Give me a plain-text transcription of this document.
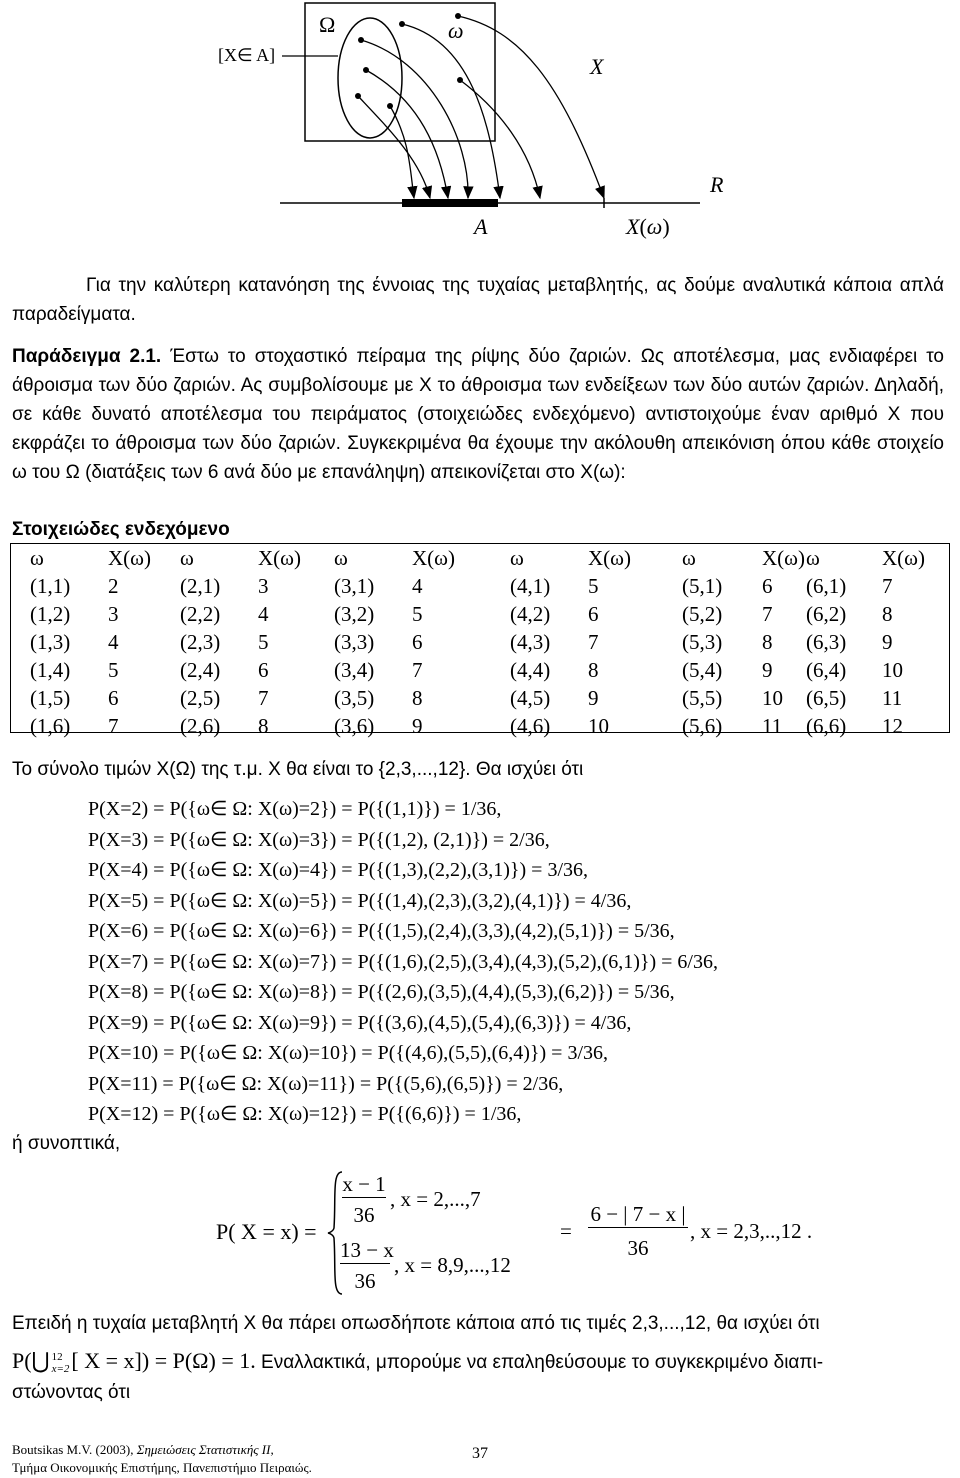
Ω	ω
[X∈ A]	X
R
A	X(ω)
Για την καλύτερη κατανόηση της έννοιας της τυχαίας μεταβλητής, ας δούμε αναλυτικά κάποια απλά παραδείγματα.
Παράδειγμα 2.1. Έστω το στοχαστικό πείραμα της ρίψης δύο ζαριών. Ως αποτέλεσμα, μας ενδιαφέρει το άθροισμα των δύο ζαριών. Ας συμβολίσουμε με X το άθροισμα των ενδείξεων των δύο αυτών ζαριών. Δηλαδή, σε κάθε δυνατό αποτέλεσμα του πειράματος (στοιχειώδες ενδεχόμενο) αντιστοιχούμε έναν αριθμό X που εκφράζει το άθροισμα των δύο ζαριών. Συγκεκριμένα θα έχουμε την ακόλουθη απεικόνιση όπου κάθε στοιχείο ω του Ω (διατάξεις των 6 ανά δύο με επανάληψη) απεικονίζεται στο X(ω):
Στοιχειώδες ενδεχόμενο
ω	X(ω) ω	X(ω) ω	X(ω)	ω	X(ω) ω	X(ω) ω	X(ω)
(1,1) 2	(2,1) 3	(3,1) 4	(4,1) 5	(5,1) 6 (6,1) 7
(1,2) 3	(2,2) 4	(3,2) 5	(4,2) 6	(5,2) 7 (6,2) 8
(1,3) 4	(2,3) 5	(3,3) 6	(4,3) 7	(5,3) 8 (6,3) 9
(1,4) 5	(2,4) 6	(3,4) 7	(4,4) 8	(5,4) 9 (6,4) 10
(1,5) 6	(2,5) 7	(3,5) 8	(4,5) 9	(5,5) 10 (6,5) 11
(1,6) 7	(2,6) 8	(3,6) 9	(4,6) 10	(5,6) 11 (6,6) 12
Το σύνολο τιμών X(Ω) της τ.μ. X θα είναι το {2,3,...,12}. Θα ισχύει ότι
P(X=2) = P({ω∈ Ω: X(ω)=2}) = P({(1,1)}) = 1/36,
P(X=3) = P({ω∈ Ω: X(ω)=3}) = P({(1,2), (2,1)}) = 2/36,
P(X=4) = P({ω∈ Ω: X(ω)=4}) = P({(1,3),(2,2),(3,1)}) = 3/36,
P(X=5) = P({ω∈ Ω: X(ω)=5}) = P({(1,4),(2,3),(3,2),(4,1)}) = 4/36,
P(X=6) = P({ω∈ Ω: X(ω)=6}) = P({(1,5),(2,4),(3,3),(4,2),(5,1)}) = 5/36,
P(X=7) = P({ω∈ Ω: X(ω)=7}) = P({(1,6),(2,5),(3,4),(4,3),(5,2),(6,1)}) = 6/36,
P(X=8) = P({ω∈ Ω: X(ω)=8}) = P({(2,6),(3,5),(4,4),(5,3),(6,2)}) = 5/36,
P(X=9) = P({ω∈ Ω: X(ω)=9}) = P({(3,6),(4,5),(5,4),(6,3)}) = 4/36,
P(X=10) = P({ω∈ Ω: X(ω)=10}) = P({(4,6),(5,5),(6,4)}) = 3/36,
P(X=11) = P({ω∈ Ω: X(ω)=11}) = P({(5,6),(6,5)}) = 2/36,
P(X=12) = P({ω∈ Ω: X(ω)=12}) = P({(6,6)}) = 1/36,
ή συνοπτικά,
P( X = x) =
x − 1
36
, x = 2,...,7
13 − x
36
, x = 8,9,...,12
=
6 − | 7 − x |
36
, x = 2,3,..,12 .
Επειδή η τυχαία μεταβλητή X θα πάρει οπωσδήποτε κάποια από τις τιμές 2,3,...,12, θα ισχύει ότι
P(⋃ 12
x=2 [ X = x]) = P(Ω) = 1. Εναλλακτικά, μπορούμε να επαληθεύσουμε το συγκεκριμένο διαπι-
στώνοντας ότι
Boutsikas M.V. (2003), Σημειώσεις Στατιστικής ΙΙ,
Τμήμα Οικονομικής Επιστήμης, Πανεπιστήμιο Πειραιώς.
37
